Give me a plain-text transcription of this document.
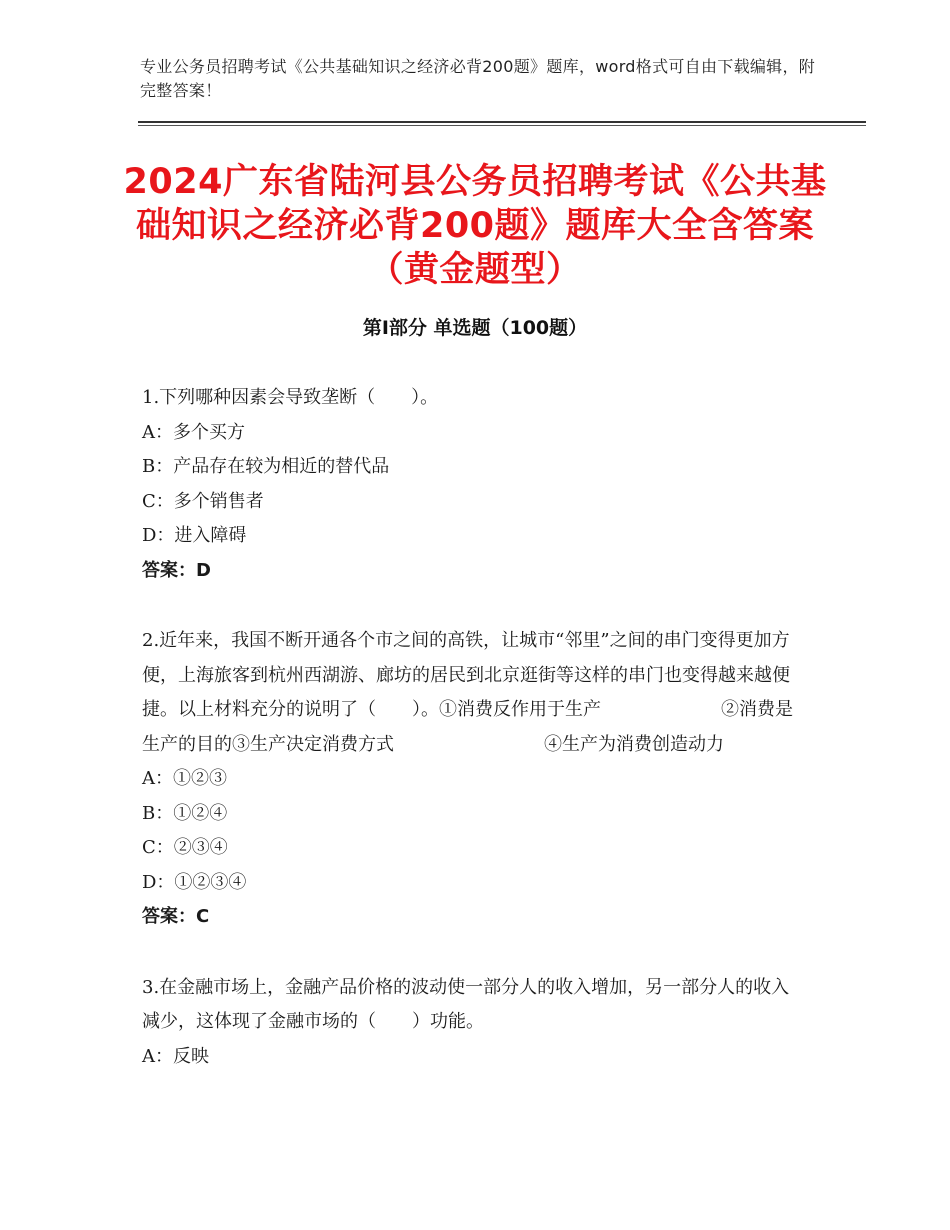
专业公务员招聘考试《公共基础知识之经济必背200题》题库，word格式可自由下载编辑，附完整答案！
2024广东省陆河县公务员招聘考试《公共基础知识之经济必背200题》题库大全含答案（黄金题型）
第Ⅰ部分 单选题（100题）

1.下列哪种因素会导致垄断（　　）。

A：多个买方

B：产品存在较为相近的替代品

C：多个销售者

D：进入障碍

答案：D

2.近年来，我国不断开通各个市之间的高铁，让城市“邻里”之间的串门变得更加方便，上海旅客到杭州西湖游、廊坊的居民到北京逛街等这样的串门也变得越来越便捷。以上材料充分的说明了（　　）。①消费反作用于生产	②消费是生产的目的③生产决定消费方式	④生产为消费创造动力

A：①②③

B：①②④

C：②③④

D：①②③④

答案：C

3.在金融市场上，金融产品价格的波动使一部分人的收入增加，另一部分人的收入减少，这体现了金融市场的（　　）功能。

A：反映
